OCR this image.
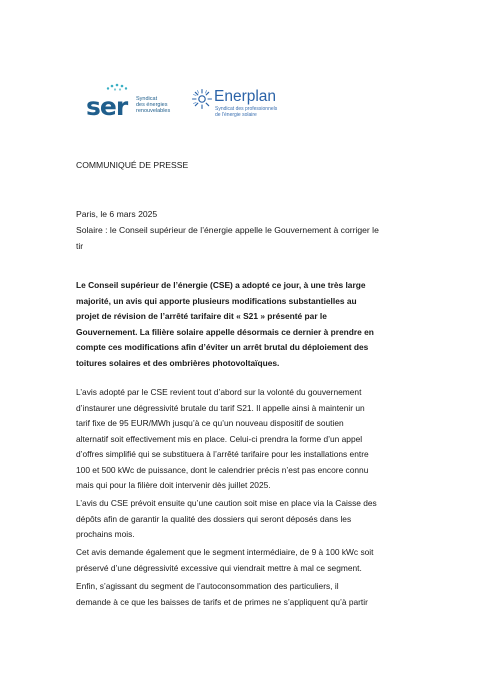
ser Syndicat
des énergies
renouvelables
Enerplan
Syndicat des professionnels
de l'énergie solaire

COMMUNIQUÉ DE PRESSE

Paris, le 6 mars 2025

Solaire : le Conseil supérieur de l’énergie appelle le Gouvernement à corriger le
tir

Le Conseil supérieur de l’énergie (CSE) a adopté ce jour, à une très large
majorité, un avis qui apporte plusieurs modifications substantielles au
projet de révision de l’arrêté tarifaire dit « S21 » présenté par le
Gouvernement. La filière solaire appelle désormais ce dernier à prendre en
compte ces modifications afin d’éviter un arrêt brutal du déploiement des
toitures solaires et des ombrières photovoltaïques.

L’avis adopté par le CSE revient tout d’abord sur la volonté du gouvernement
d’instaurer une dégressivité brutale du tarif S21. Il appelle ainsi à maintenir un
tarif fixe de 95 EUR/MWh jusqu’à ce qu’un nouveau dispositif de soutien
alternatif soit effectivement mis en place. Celui-ci prendra la forme d’un appel
d’offres simplifié qui se substituera à l’arrêté tarifaire pour les installations entre
100 et 500 kWc de puissance, dont le calendrier précis n’est pas encore connu
mais qui pour la filière doit intervenir dès juillet 2025.

L’avis du CSE prévoit ensuite qu’une caution soit mise en place via la Caisse des
dépôts afin de garantir la qualité des dossiers qui seront déposés dans les
prochains mois.

Cet avis demande également que le segment intermédiaire, de 9 à 100 kWc soit
préservé d’une dégressivité excessive qui viendrait mettre à mal ce segment.

Enfin, s’agissant du segment de l’autoconsommation des particuliers, il
demande à ce que les baisses de tarifs et de primes ne s’appliquent qu’à partir
